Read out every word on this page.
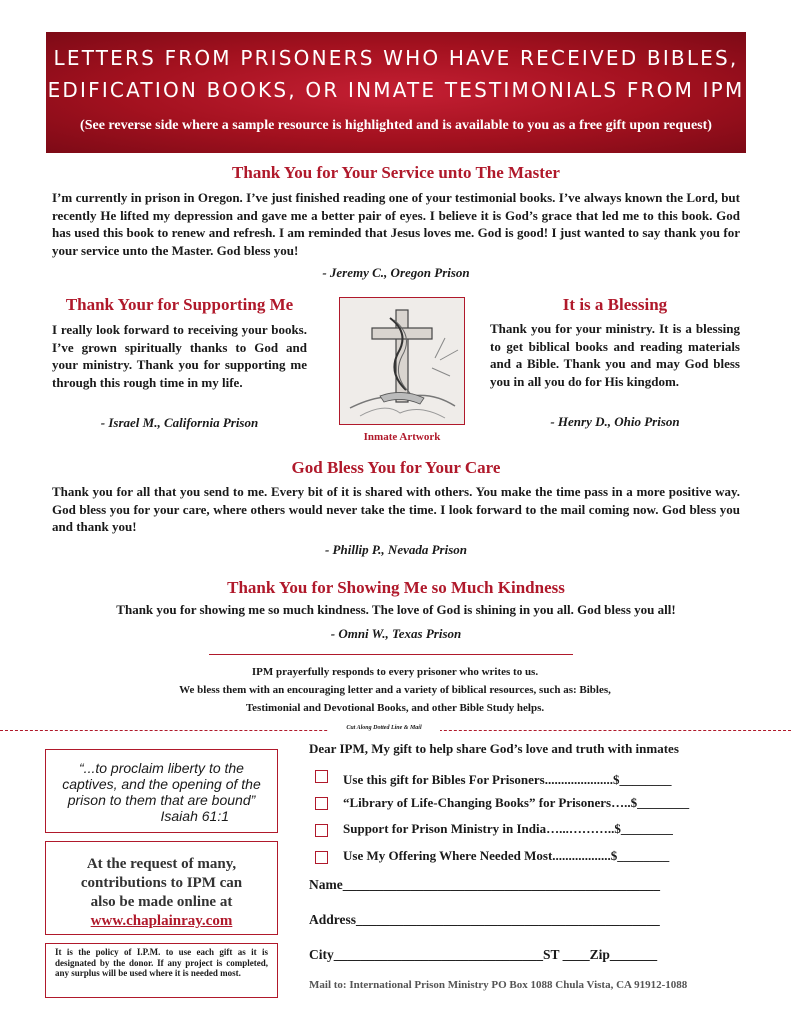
LETTERS FROM PRISONERS WHO HAVE RECEIVED BIBLES,
EDIFICATION BOOKS, OR INMATE TESTIMONIALS FROM IPM
(See reverse side where a sample resource is highlighted and is available to you as a free gift upon request)
Thank You for Your Service unto The Master
I’m currently in prison in Oregon. I’ve just finished reading one of your testimonial books. I’ve always known the Lord, but recently He lifted my depression and gave me a better pair of eyes. I believe it is God’s grace that led me to this book. God has used this book to renew and refresh. I am reminded that Jesus loves me. God is good! I just wanted to say thank you for your service unto the Master. God bless you!
- Jeremy C., Oregon Prison
Thank Your for Supporting Me
I really look forward to receiving your books. I’ve grown spiritually thanks to God and your ministry. Thank you for supporting me through this rough time in my life.
- Israel M., California Prison
Inmate Artwork
It is a Blessing
Thank you for your ministry. It is a blessing to get biblical books and reading materials and a Bible. Thank you and may God bless you in all you do for His kingdom.
- Henry D., Ohio Prison
God Bless You for Your Care
Thank you for all that you send to me. Every bit of it is shared with others. You make the time pass in a more positive way. God bless you for your care, where others would never take the time. I look forward to the mail coming now. God bless you and thank you!
- Phillip P., Nevada Prison
Thank You for Showing Me so Much Kindness
Thank you for showing me so much kindness. The love of God is shining in you all. God bless you all!
- Omni W., Texas Prison
IPM prayerfully responds to every prisoner who writes to us.
We bless them with an encouraging letter and a variety of biblical resources, such as: Bibles,
Testimonial and Devotional Books, and other Bible Study helps.
Cut Along Dotted Line & Mail
“...to proclaim liberty to the captives, and the opening of the prison to them that are bound”
Isaiah 61:1
At the request of many,
contributions to IPM can
also be made online at
www.chaplainray.com
It is the policy of I.P.M. to use each gift as it is designated by the donor. If any project is completed, any surplus will be used where it is needed most.
Dear IPM, My gift to help share God’s love and truth with inmates
Use this gift for Bibles For Prisoners.....................$________
“Library of Life-Changing Books” for Prisoners…..$________
Support for Prison Ministry in India…...………..$________
Use My Offering Where Needed Most..................$________
Name_______________________________________________
Address_____________________________________________
City_______________________________ST ____Zip_______
Mail to: International Prison Ministry PO Box 1088 Chula Vista, CA 91912-1088
